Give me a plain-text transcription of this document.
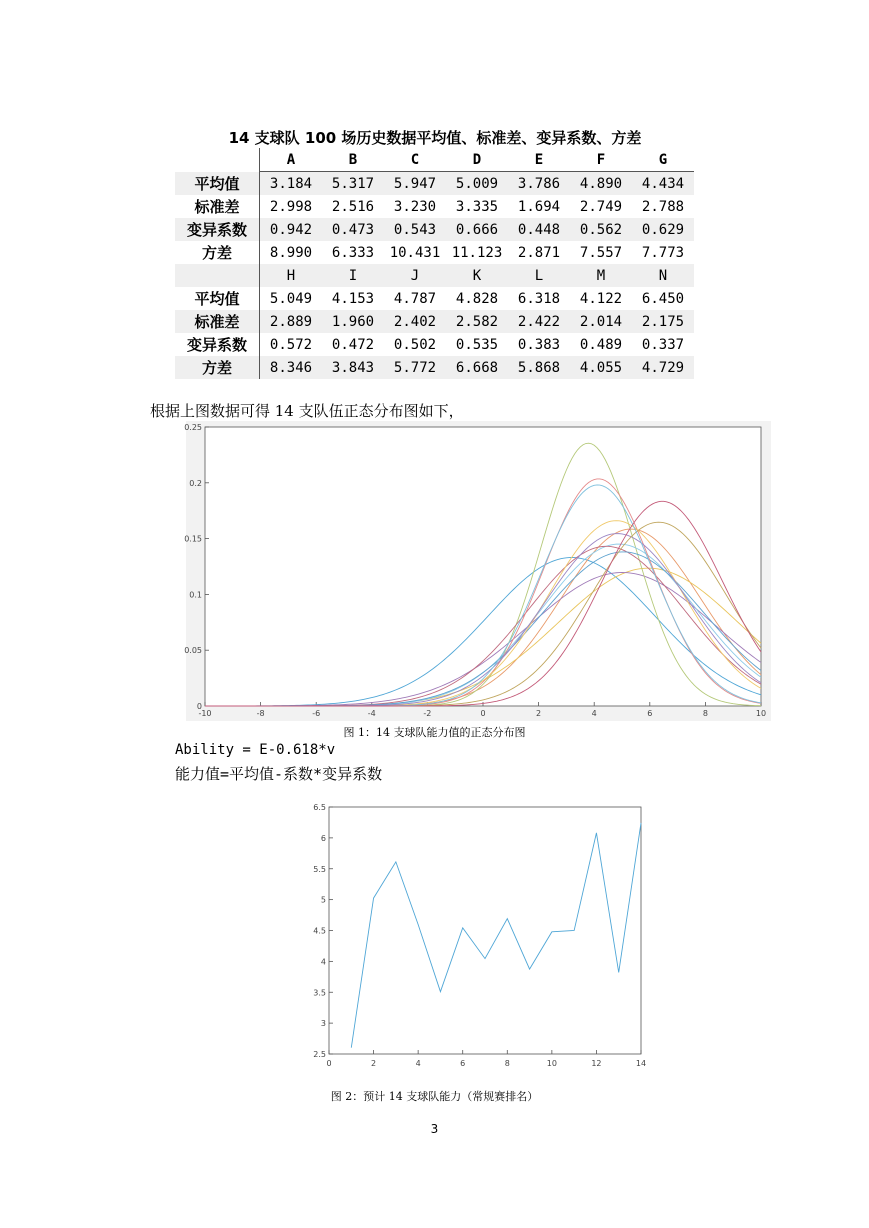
14 支球队 100 场历史数据平均值、标准差、变异系数、方差
	A	B	C	D	E	F	G
平均值	3.184	5.317	5.947	5.009	3.786	4.890	4.434
标准差	2.998	2.516	3.230	3.335	1.694	2.749	2.788
变异系数	0.942	0.473	0.543	0.666	0.448	0.562	0.629
方差	8.990	6.333	10.431	11.123	2.871	7.557	7.773
	H	I	J	K	L	M	N
平均值	5.049	4.153	4.787	4.828	6.318	4.122	6.450
标准差	2.889	1.960	2.402	2.582	2.422	2.014	2.175
变异系数	0.572	0.472	0.502	0.535	0.383	0.489	0.337
方差	8.346	3.843	5.772	6.668	5.868	4.055	4.729
根据上图数据可得 14 支队伍正态分布图如下，
-10	-8	-6	-4	-2	0	2	4	6	8	10
0
0.05
0.1
0.15
0.2
0.25
图 1：14 支球队能力值的正态分布图
Ability = E-0.618*v
能力值=平均值-系数*变异系数
0	2	4	6	8	10	12	14
2.5
3
3.5
4
4.5
5
5.5
6
6.5
图 2：预计 14 支球队能力（常规赛排名）
3
